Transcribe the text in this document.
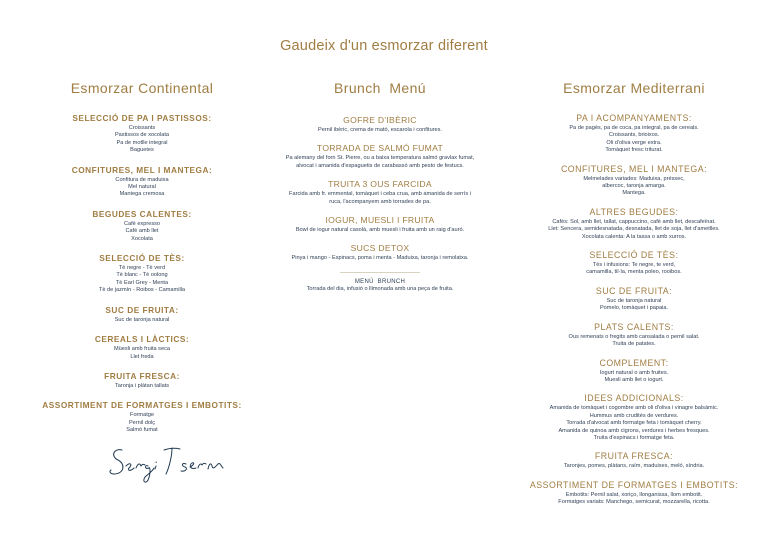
Gaudeix d'un esmorzar diferent
Esmorzar Continental
SELECCIÓ DE PA I PASTISSOS:
Croissants
Pastissos de xocolata
Pa de motlle integral
Baguetes
CONFITURES, MEL I MANTEGA:
Confitura de maduixa
Mel natural
Mantega cremosa
BEGUDES CALENTES:
Cafè expresso
Cafè amb llet
Xocolata
SELECCIÓ DE TÈS:
Tè negre - Tè verd
Tè blanc - Tè oolong
Tè Earl Grey - Menta
Tè de jazmín - Roibos - Camamilla
SUC DE FRUITA:
Suc de taronja natural
CEREALS I LÀCTICS:
Müesli amb fruita seca
Llet freda
FRUITA FRESCA:
Taronja i plàtan tallats
ASSORTIMENT DE FORMATGES I EMBOTITS:
Formatge
Pernil dolç
Salmó fumat
Brunch  Menú
GOFRE D'IBÈRIC
Pernil ibèric, crema de mató, escarola i confitures.
TORRADA DE SALMÓ FUMAT
Pa alemany del forn St. Pierre, ou a baixa temperatura salmó gravlax fumat,
alvocat i amanida d'espaguetis de carabassó amb pesto de festucs.
TRUITA 3 OUS FARCIDA
Farcida amb fr. emmental, tomàquet i ceba crua, amb amanida de serrís i
ruca, l'acompanyem amb torrades de pa.
IOGUR, MUESLI I FRUITA
Bowl de iogur natural casolà, amb muesli i fruita amb un raig d'auró.
SUCS DETOX
Pinya i mango - Espinacs, poma i menta - Maduixa, taronja i remolatxa.
MENÚ  BRUNCH
Torrada del dia, infusió o llimonada amb una peça de fruita.
Esmorzar Mediterrani
PA I ACOMPANYAMENTS:
Pa de pagès, pa de coca, pa integral, pa de cereals.
Croissants, brioixos.
Oli d'oliva verge extra.
Tomàquet fresc triturat.
CONFITURES, MEL I MANTEGA:
Melmelades variades: Maduixa, préssec,
albercoc, taronja amarga.
Mantega.
ALTRES BEGUDES:
Cafès: Sol, amb llet, tallat, cappuccino, cafè amb llet, descafeïnat.
Llet: Sencera, semidesnatada, desnatada, llet de soja, llet d'ametlles.
Xocolata calenta: A la tassa o amb xurros.
SELECCIÓ DE TÈS:
Tès i infusions: Te negre, te verd,
camamilla, til·la, menta poleo, rooibos.
SUC DE FRUITA:
Suc de taronja natural
Pomelo, tomàquet i papaia.
PLATS CALENTS:
Ous remenats o fregits amb cansalada o pernil salat.
Truita de patates.
COMPLEMENT:
Iogurt natural o amb fruites.
Muesli amb llet o iogurt.
IDEES ADDICIONALS:
Amanida de tomàquet i cogombre amb oli d'oliva i vinagre balsàmic.
Hummus amb crudités de verdures.
Torrada d'alvocat amb formatge feta i tomàquet cherry.
Amanida de quinoa amb cigrons, verdures i herbes fresques.
Truita d'espinacs i formatge feta.
FRUITA FRESCA:
Taronjes, pomes, plàtans, raïm, maduixes, meló, síndria.
ASSORTIMENT DE FORMATGES I EMBOTITS:
Embotits: Pernil salat, xoriço, llonganissa, llom embotit.
Formatges variats: Manchego, semicurat, mozzarella, ricotta.
